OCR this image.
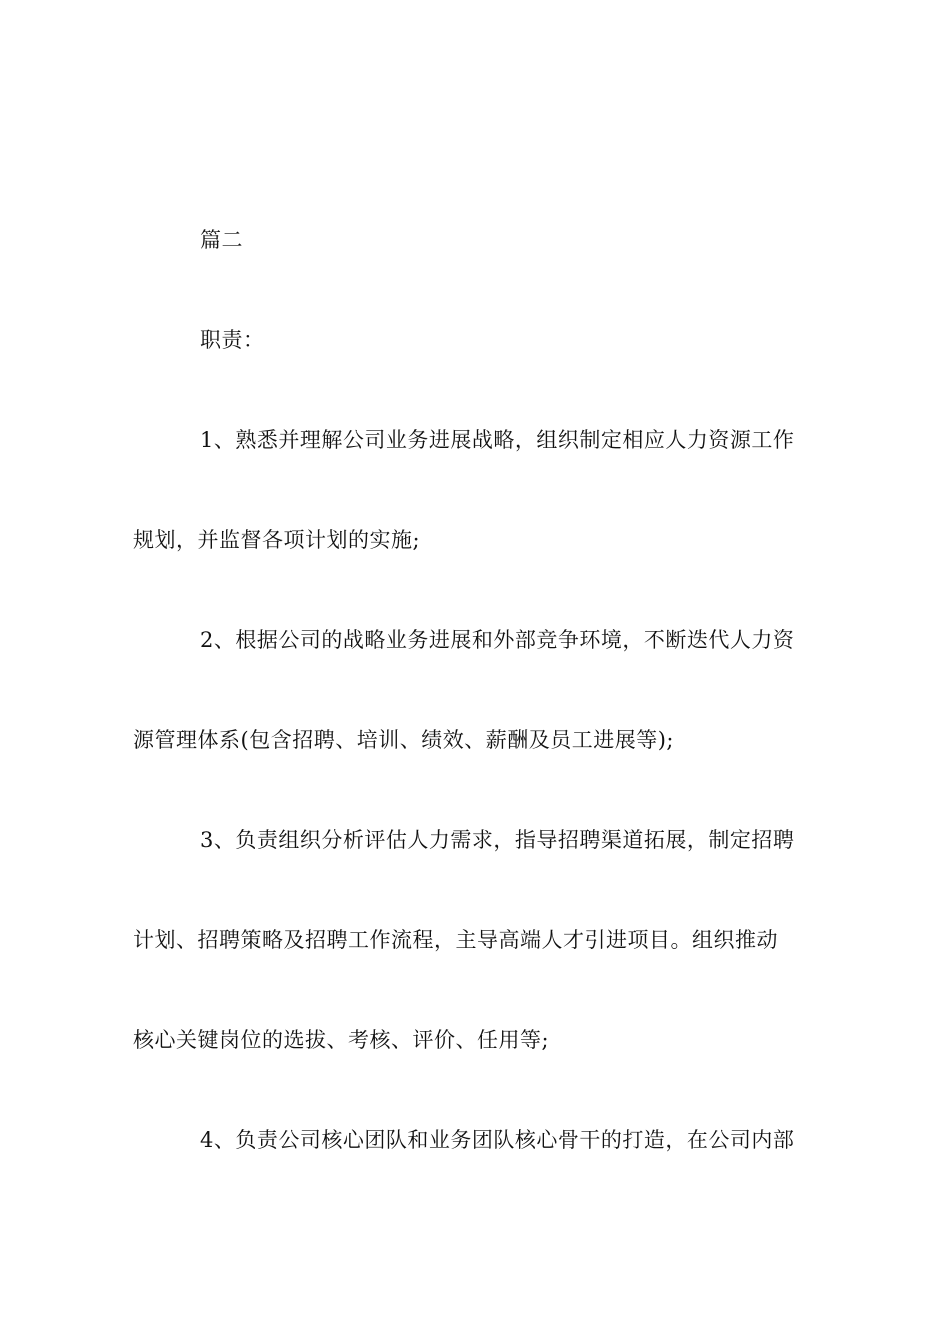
篇二
职责：
1、熟悉并理解公司业务进展战略，组织制定相应人力资源工作
规划，并监督各项计划的实施;
2、根据公司的战略业务进展和外部竞争环境，不断迭代人力资
源管理体系(包含招聘、培训、绩效、薪酬及员工进展等);
3、负责组织分析评估人力需求，指导招聘渠道拓展，制定招聘
计划、招聘策略及招聘工作流程，主导高端人才引进项目。组织推动
核心关键岗位的选拔、考核、评价、任用等;
4、负责公司核心团队和业务团队核心骨干的打造，在公司内部
